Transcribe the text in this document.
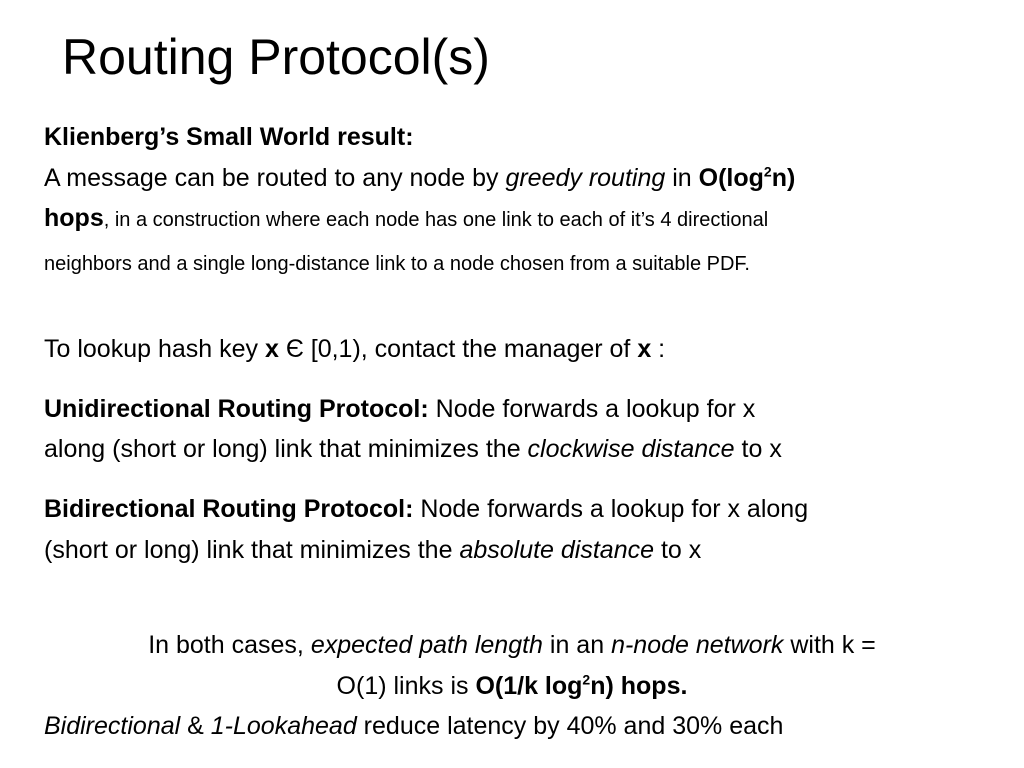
Routing Protocol(s)
Klienberg’s Small World result:
A message can be routed to any node by greedy routing in $O(\log^2n)$
hops, in a construction where each node has one link to each of it’s 4 directional
neighbors and a single long-distance link to a node chosen from a suitable PDF.
To lookup hash key x Є [0,1), contact the manager of x :
Unidirectional Routing Protocol: Node forwards a lookup for x
along (short or long) link that minimizes the clockwise distance to x
Bidirectional Routing Protocol: Node forwards a lookup for x along
(short or long) link that minimizes the absolute distance to x
In both cases, expected path length in an n-node network with k =
O(1) links is O(1/k $\log^2n$) hops.
Bidirectional & 1-Lookahead reduce latency by 40% and 30% each
